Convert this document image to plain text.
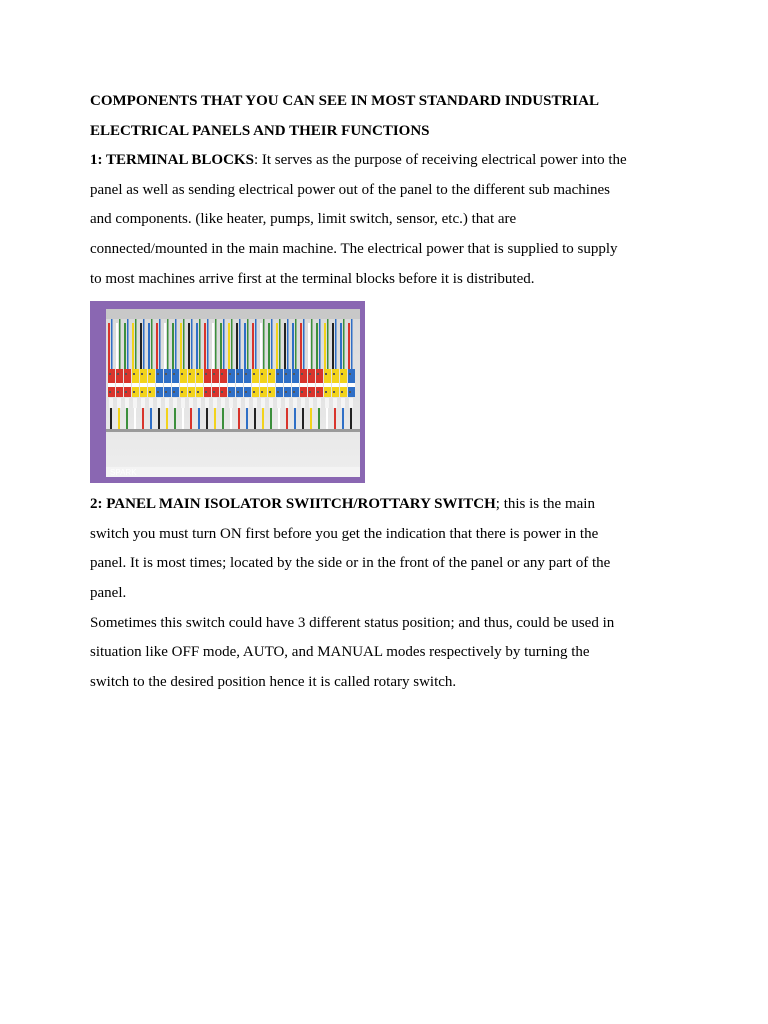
COMPONENTS THAT YOU CAN SEE IN MOST STANDARD INDUSTRIAL ELECTRICAL PANELS AND THEIR FUNCTIONS

1: TERMINAL BLOCKS: It serves as the purpose of receiving electrical power into the panel as well as sending electrical power out of the panel to the different sub machines and components. (like heater, pumps, limit switch, sensor, etc.) that are connected/mounted in the main machine. The electrical power that is supplied to supply to most machines arrive first at the terminal blocks before it is distributed.

SPARK

2: PANEL MAIN ISOLATOR SWIITCH/ROTTARY SWITCH; this is the main switch you must turn ON first before you get the indication that there is power in the panel. It is most times; located by the side or in the front of the panel or any part of the panel.

Sometimes this switch could have 3 different status position; and thus, could be used in situation like OFF mode, AUTO, and MANUAL modes respectively by turning the switch to the desired position hence it is called rotary switch.
